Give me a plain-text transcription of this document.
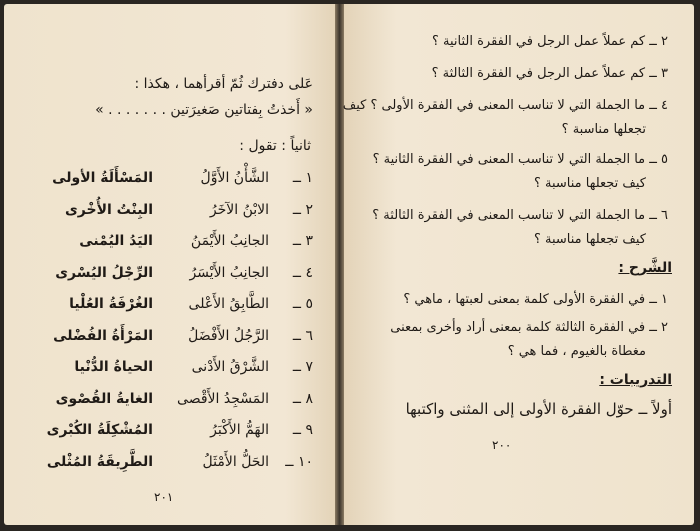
عَلى دفترك ثُمّ أقرأهما ، هكذا :
« أَخذتُ بِفتاتين صَغيرَتين . . . . . . . »
ثانياً : تقول :
١ ــ
الشَّأْنُ الأَوَّلُ
المَسْأَلَةُ الأولى
٢ ــ
الابْنُ الآخَرُ
البِنْتُ الأُخْرى
٣ ــ
الجانِبُ الأَيْمَنُ
اليَدُ اليُمْنى
٤ ــ
الجانِبُ الأَيْسَرُ
الرِّجْلُ اليُسْرى
٥ ــ
الطَّابِقُ الأَعْلى
الغُرْفَةُ العُلْيا
٦ ــ
الرَّجُلُ الأَفْضَلُ
المَرْأَةُ الفُضْلى
٧ ــ
الشَّرْقُ الأَدْنى
الحياةُ الدُّنْيا
٨ ــ
المَسْجِدُ الأَقْصى
الغايةُ القُصْوى
٩ ــ
الهَمُّ الأَكْبَرُ
المُشْكِلَةُ الكُبْرى
١٠ ــ
الحَلُّ الأَمْثَلُ
الطَّرِيقَةُ المُثْلى
٢٠١
٢ ــ كم عملاً عمل الرجل في الفقرة الثانية ؟
٣ ــ كم عملاً عمل الرجل في الفقرة الثالثة ؟
٤ ــ ما الجملة التي لا تناسب المعنى في الفقرة الأولى ؟ كيف
تجعلها مناسبة ؟
٥ ــ ما الجملة التي لا تناسب المعنى في الفقرة الثانية ؟
كيف تجعلها مناسبة ؟
٦ ــ ما الجملة التي لا تناسب المعنى في الفقرة الثالثة ؟
كيف تجعلها مناسبة ؟
الشَّرح :
١ ــ في الفقرة الأولى كلمة بمعنى لعبتها ، ماهي ؟
٢ ــ في الفقرة الثالثة كلمة بمعنى أراد وأخرى بمعنى
مغطاة بالغيوم ، فما هي ؟
التدريبات :
أولاً ــ حوّل الفقرة الأولى إلى المثنى واكتبها
٢٠٠
